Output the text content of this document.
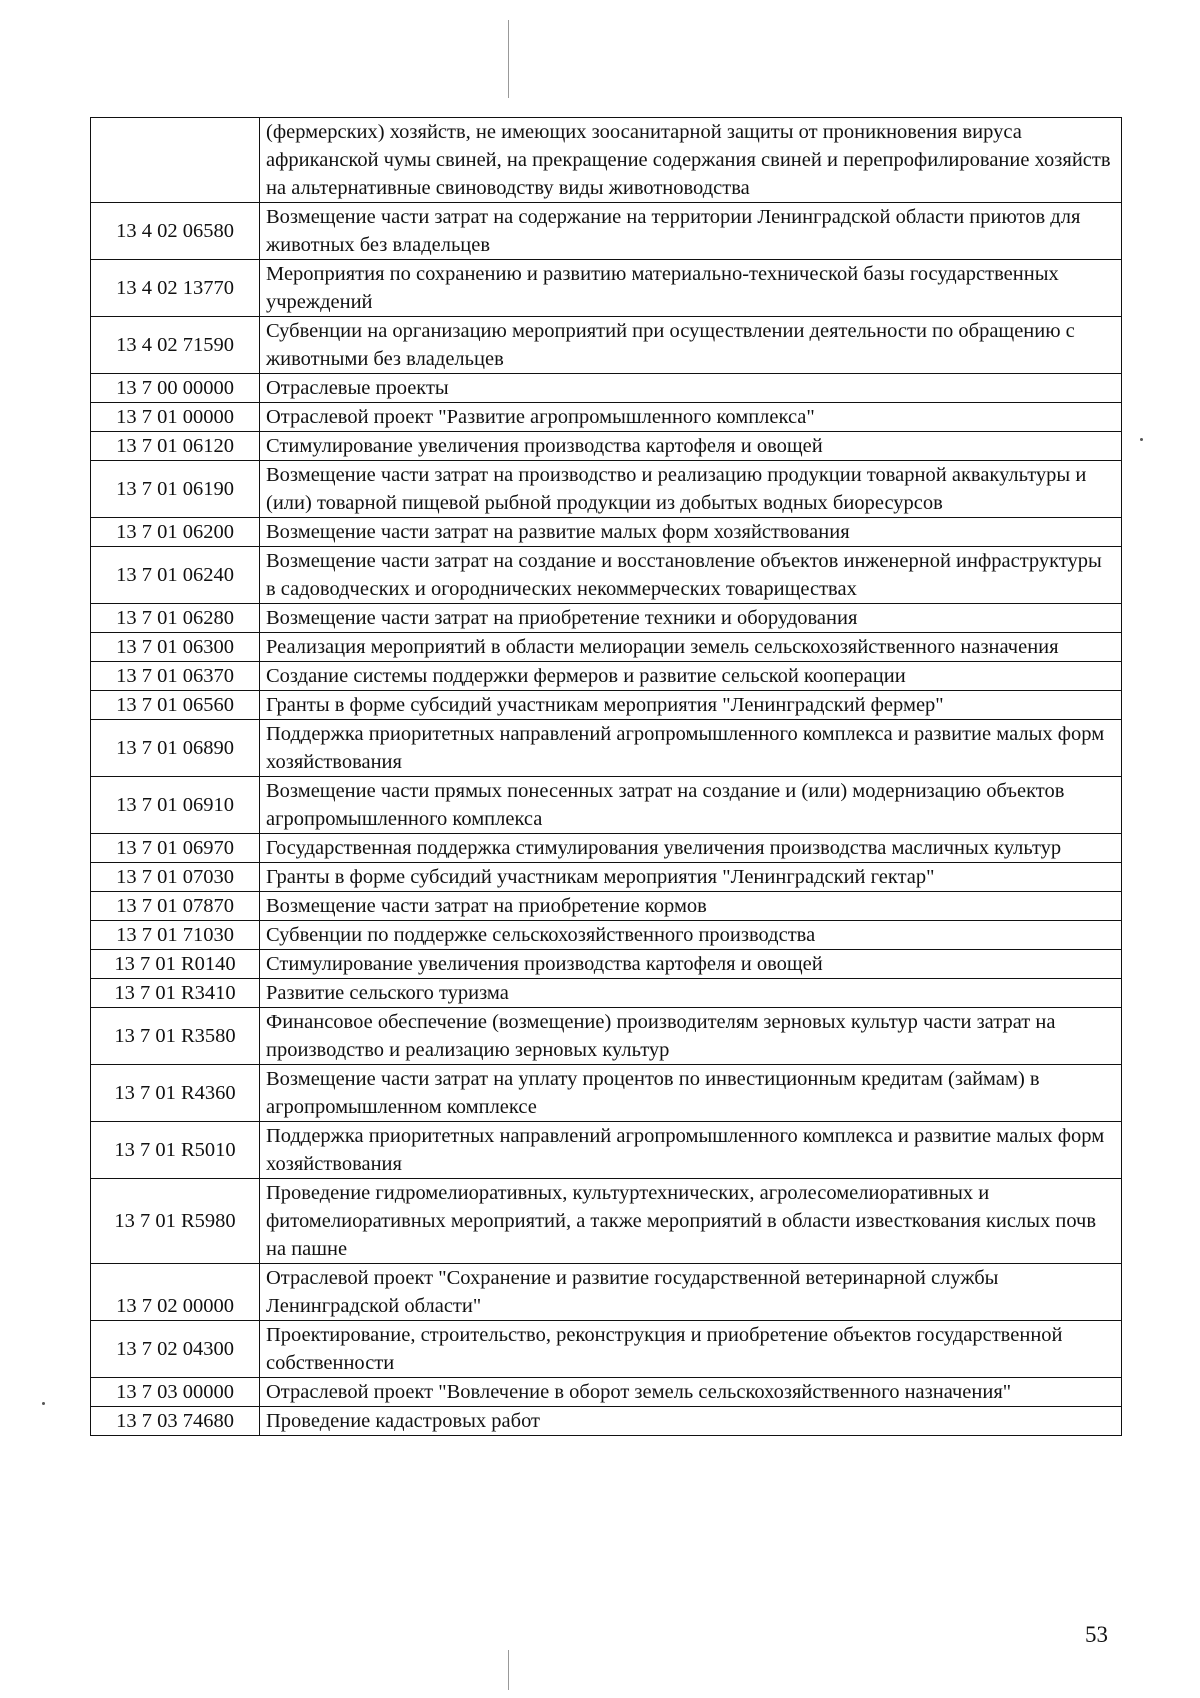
	(фермерских) хозяйств, не имеющих зоосанитарной защиты от проникновения вируса африканской чумы свиней, на прекращение содержания свиней и перепрофилирование хозяйств на альтернативные свиноводству виды животноводства
13 4 02 06580	Возмещение части затрат на содержание на территории Ленинградской области приютов для животных без владельцев
13 4 02 13770	Мероприятия по сохранению и развитию материально-технической базы государственных учреждений
13 4 02 71590	Субвенции на организацию мероприятий при осуществлении деятельности по обращению с животными без владельцев
13 7 00 00000	Отраслевые проекты
13 7 01 00000	Отраслевой проект "Развитие агропромышленного комплекса"
13 7 01 06120	Стимулирование увеличения производства картофеля и овощей
13 7 01 06190	Возмещение части затрат на производство и реализацию продукции товарной аквакультуры и (или) товарной пищевой рыбной продукции из добытых водных биоресурсов
13 7 01 06200	Возмещение части затрат на развитие малых форм хозяйствования
13 7 01 06240	Возмещение части затрат на создание и восстановление объектов инженерной инфраструктуры в садоводческих и огороднических некоммерческих товариществах
13 7 01 06280	Возмещение части затрат на приобретение техники и оборудования
13 7 01 06300	Реализация мероприятий в области мелиорации земель сельскохозяйственного назначения
13 7 01 06370	Создание системы поддержки фермеров и развитие сельской кооперации
13 7 01 06560	Гранты в форме субсидий участникам мероприятия "Ленинградский фермер"
13 7 01 06890	Поддержка приоритетных направлений агропромышленного комплекса и развитие малых форм хозяйствования
13 7 01 06910	Возмещение части прямых понесенных затрат на создание и (или) модернизацию объектов агропромышленного комплекса
13 7 01 06970	Государственная поддержка стимулирования увеличения производства масличных культур
13 7 01 07030	Гранты в форме субсидий участникам мероприятия "Ленинградский гектар"
13 7 01 07870	Возмещение части затрат на приобретение кормов
13 7 01 71030	Субвенции по поддержке сельскохозяйственного производства
13 7 01 R0140	Стимулирование увеличения производства картофеля и овощей
13 7 01 R3410	Развитие сельского туризма
13 7 01 R3580	Финансовое обеспечение (возмещение) производителям зерновых культур части затрат на производство и реализацию зерновых культур
13 7 01 R4360	Возмещение части затрат на уплату процентов по инвестиционным кредитам (займам) в агропромышленном комплексе
13 7 01 R5010	Поддержка приоритетных направлений агропромышленного комплекса и развитие малых форм хозяйствования
13 7 01 R5980	Проведение гидромелиоративных, культуртехнических, агролесомелиоративных и фитомелиоративных мероприятий, а также мероприятий в области известкования кислых почв на пашне
13 7 02 00000	Отраслевой проект "Сохранение и развитие государственной ветеринарной службы Ленинградской области"
13 7 02 04300	Проектирование, строительство, реконструкция и приобретение объектов государственной собственности
13 7 03 00000	Отраслевой проект "Вовлечение в оборот земель сельскохозяйственного назначения"
13 7 03 74680	Проведение кадастровых работ
53
